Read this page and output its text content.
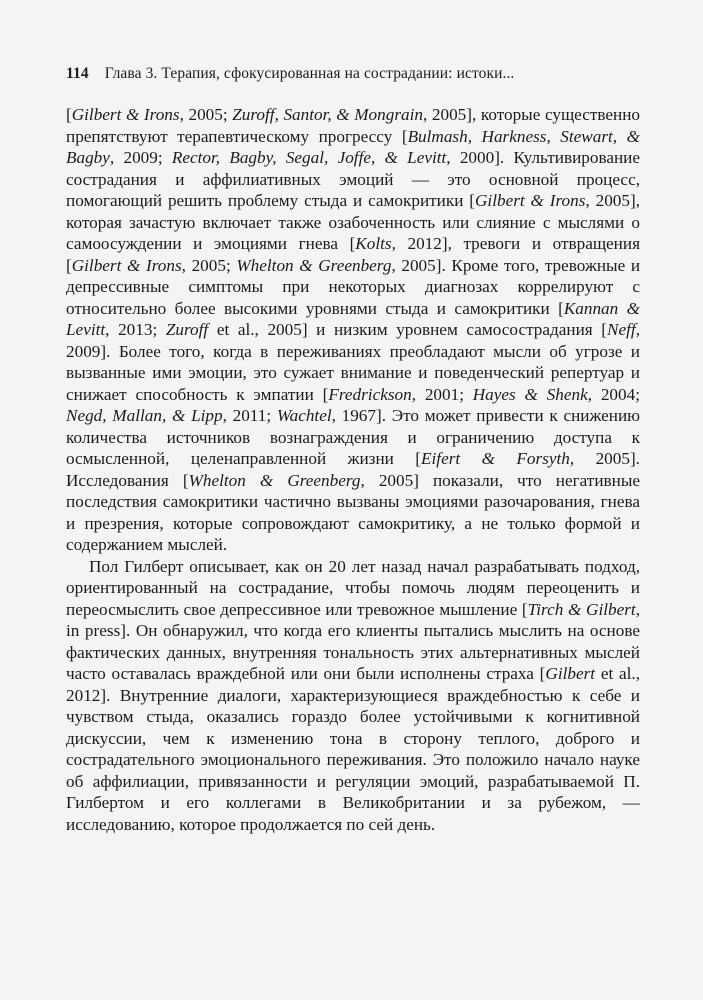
114 Глава 3. Терапия, сфокусированная на сострадании: истоки...

[Gilbert & Irons, 2005; Zuroff, Santor, & Mongrain, 2005], которые существенно препятствуют терапевтическому прогрессу [Bulmash, Harkness, Stewart, & Bagby, 2009; Rector, Bagby, Segal, Joffe, & Levitt, 2000]. Культивирование сострадания и аффилиативных эмоций — это основной процесс, помогающий решить проблему стыда и самокритики [Gilbert & Irons, 2005], которая зачастую включает также озабоченность или слияние с мыслями о самоосуждении и эмоциями гнева [Kolts, 2012], тревоги и отвращения [Gilbert & Irons, 2005; Whelton & Greenberg, 2005]. Кроме того, тревожные и депрессивные симптомы при некоторых диагнозах коррелируют с относительно более высокими уровнями стыда и самокритики [Kannan & Levitt, 2013; Zuroff et al., 2005] и низким уровнем самосострадания [Neff, 2009]. Более того, когда в переживаниях преобладают мысли об угрозе и вызванные ими эмоции, это сужает внимание и поведенческий репертуар и снижает способность к эмпатии [Fredrickson, 2001; Hayes & Shenk, 2004; Negd, Mallan, & Lipp, 2011; Wachtel, 1967]. Это может привести к снижению количества источников вознаграждения и ограничению доступа к осмысленной, целенаправленной жизни [Eifert & Forsyth, 2005]. Исследования [Whelton & Greenberg, 2005] показали, что негативные последствия самокритики частично вызваны эмоциями разочарования, гнева и презрения, которые сопровождают самокритику, а не только формой и содержанием мыслей.

Пол Гилберт описывает, как он 20 лет назад начал разрабатывать подход, ориентированный на сострадание, чтобы помочь людям переоценить и переосмыслить свое депрессивное или тревожное мышление [Tirch & Gilbert, in press]. Он обнаружил, что когда его клиенты пытались мыслить на основе фактических данных, внутренняя тональность этих альтернативных мыслей часто оставалась враждебной или они были исполнены страха [Gilbert et al., 2012]. Внутренние диалоги, характеризующиеся враждебностью к себе и чувством стыда, оказались гораздо более устойчивыми к когнитивной дискуссии, чем к изменению тона в сторону теплого, доброго и сострадательного эмоционального переживания. Это положило начало науке об аффилиации, привязанности и регуляции эмоций, разрабатываемой П. Гилбертом и его коллегами в Великобритании и за рубежом, — исследованию, которое продолжается по сей день.
